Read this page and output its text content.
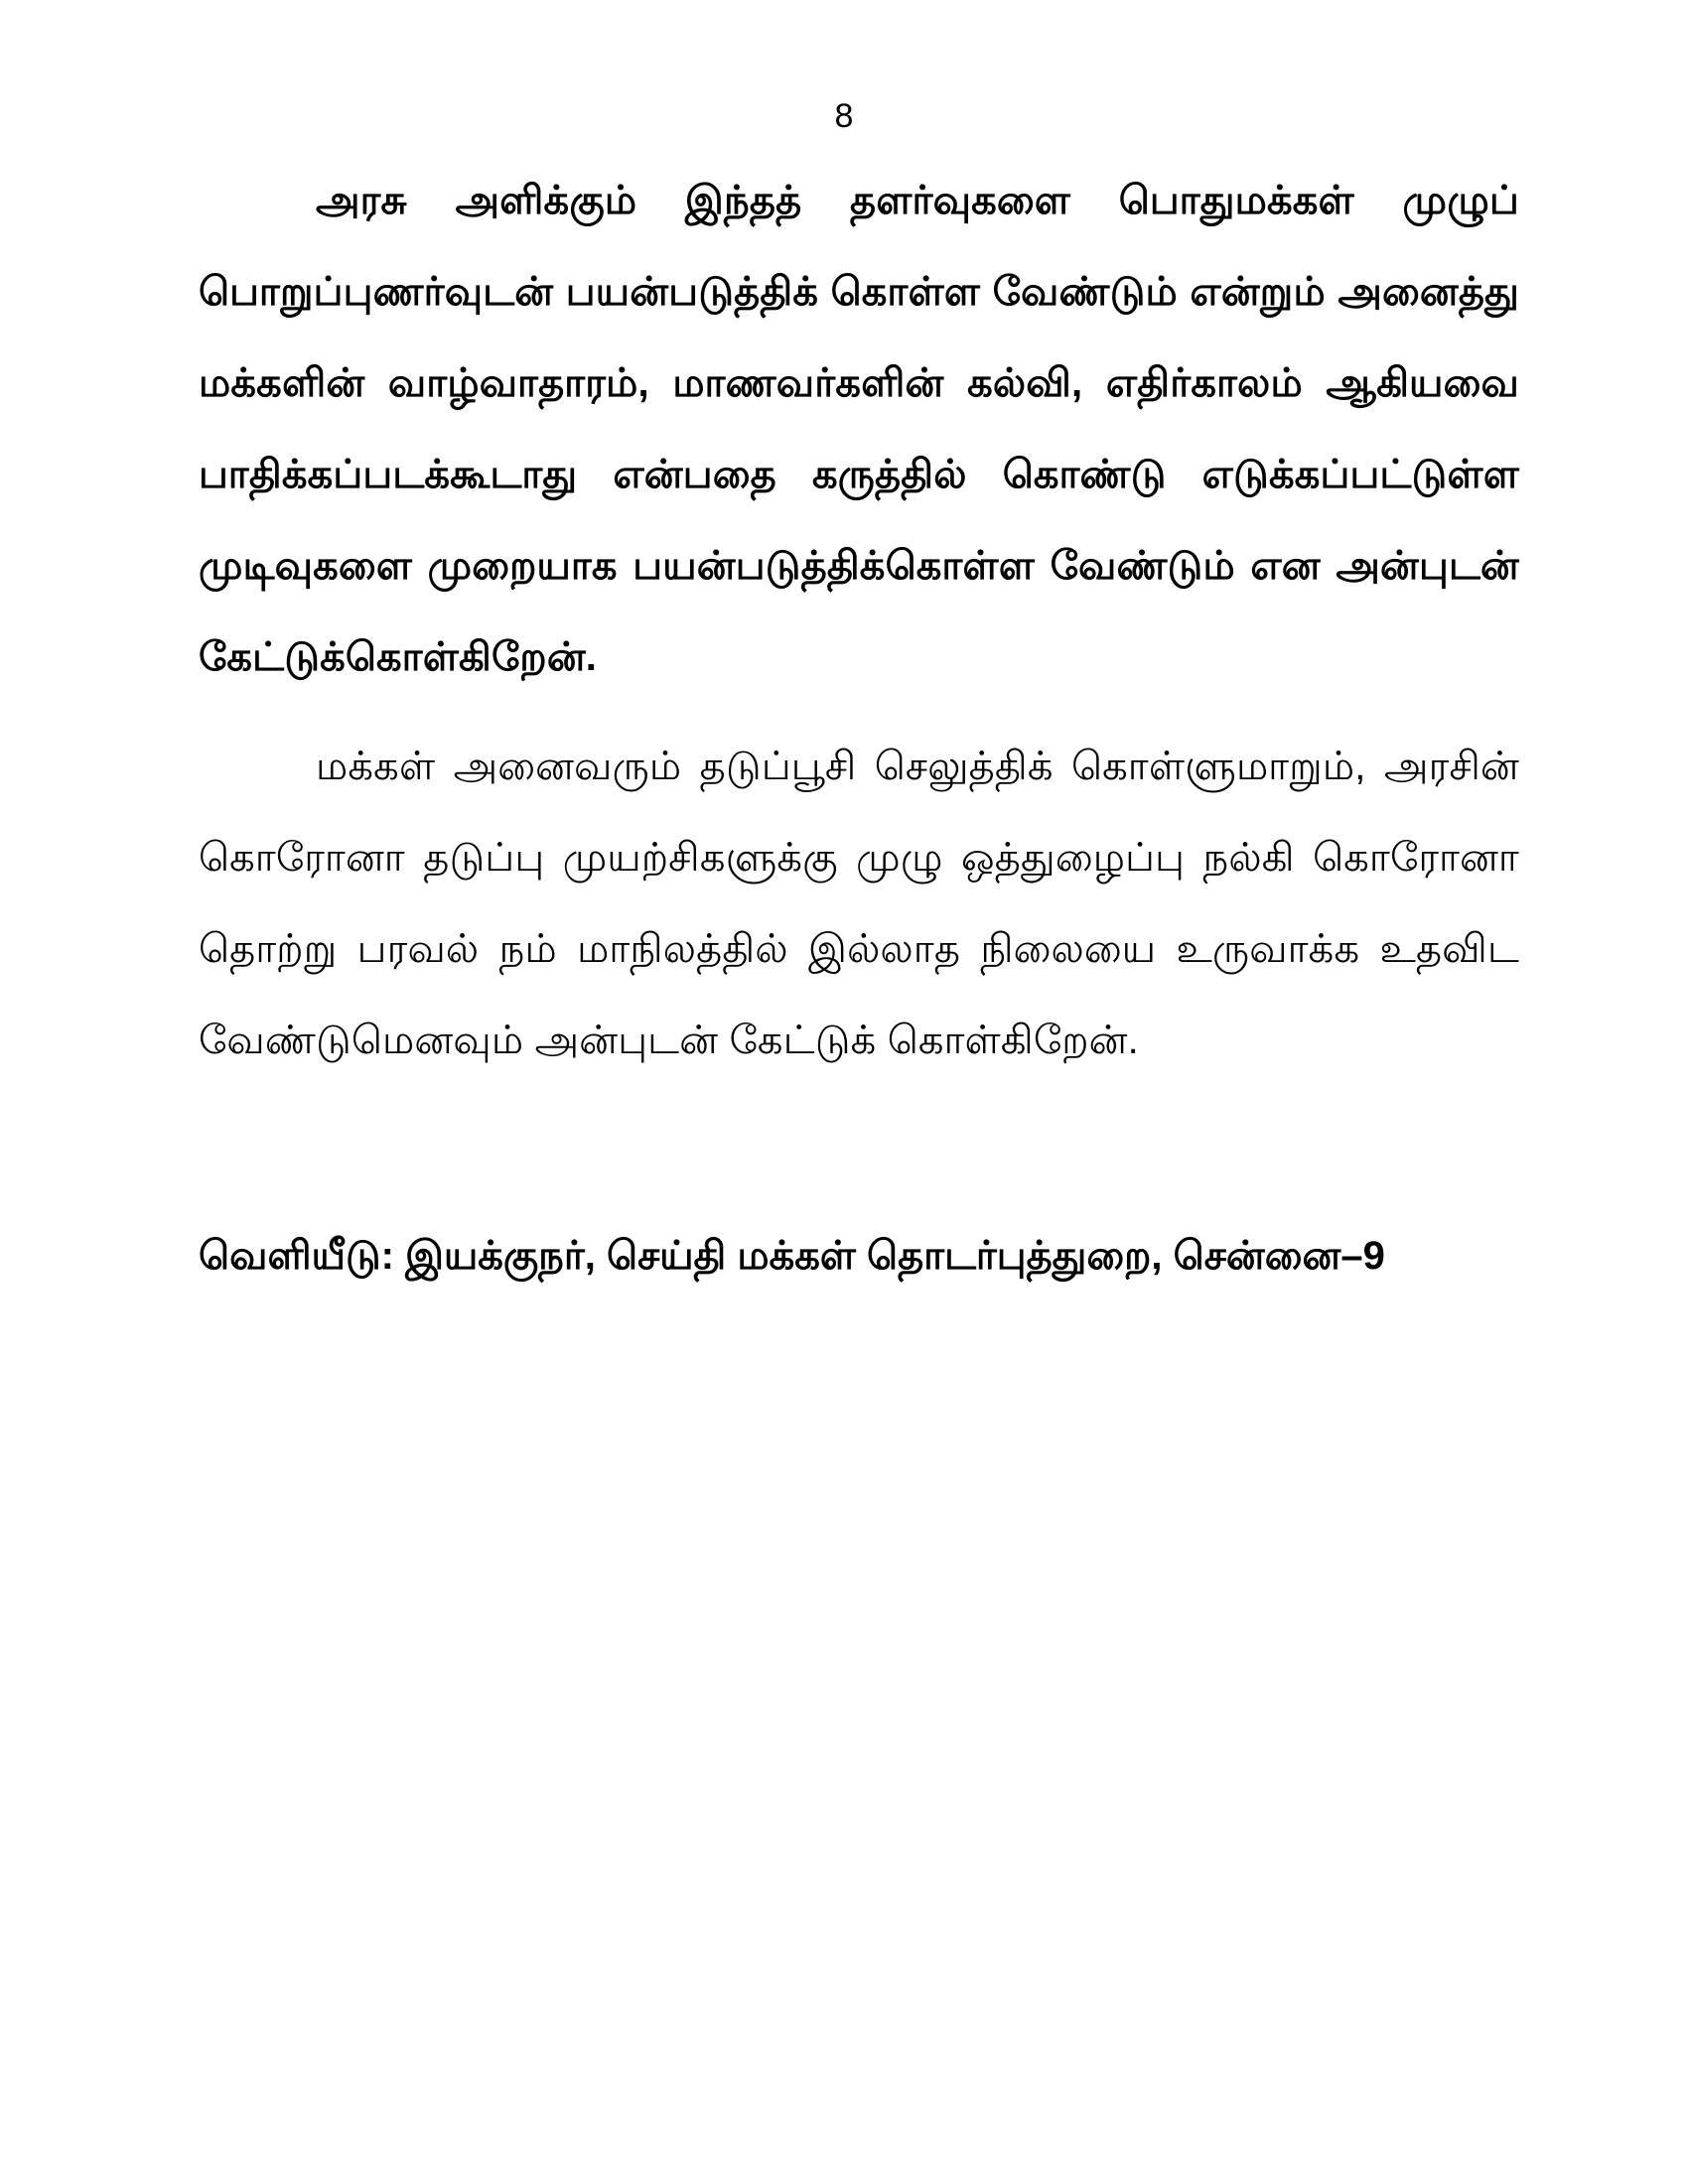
8
அரசு அளிக்கும் இந்தத் தளர்வுகளை பொதுமக்கள் முழுப்
பொறுப்புணர்வுடன் பயன்படுத்திக் கொள்ள வேண்டும் என்றும் அனைத்து
மக்களின் வாழ்வாதாரம், மாணவர்களின் கல்வி, எதிர்காலம் ஆகியவை
பாதிக்கப்படக்கூடாது என்பதை கருத்தில் கொண்டு எடுக்கப்பட்டுள்ள
முடிவுகளை முறையாக பயன்படுத்திக்கொள்ள வேண்டும் என அன்புடன்
கேட்டுக்கொள்கிறேன்.
மக்கள் அனைவரும் தடுப்பூசி செலுத்திக் கொள்ளுமாறும், அரசின்
கொரோனா தடுப்பு முயற்சிகளுக்கு முழு ஒத்துழைப்பு நல்கி கொரோனா
தொற்று பரவல் நம் மாநிலத்தில் இல்லாத நிலையை உருவாக்க உதவிட
வேண்டுமெனவும் அன்புடன் கேட்டுக் கொள்கிறேன்.
வெளியீடு: இயக்குநர், செய்தி மக்கள் தொடர்புத்துறை, சென்னை–9
